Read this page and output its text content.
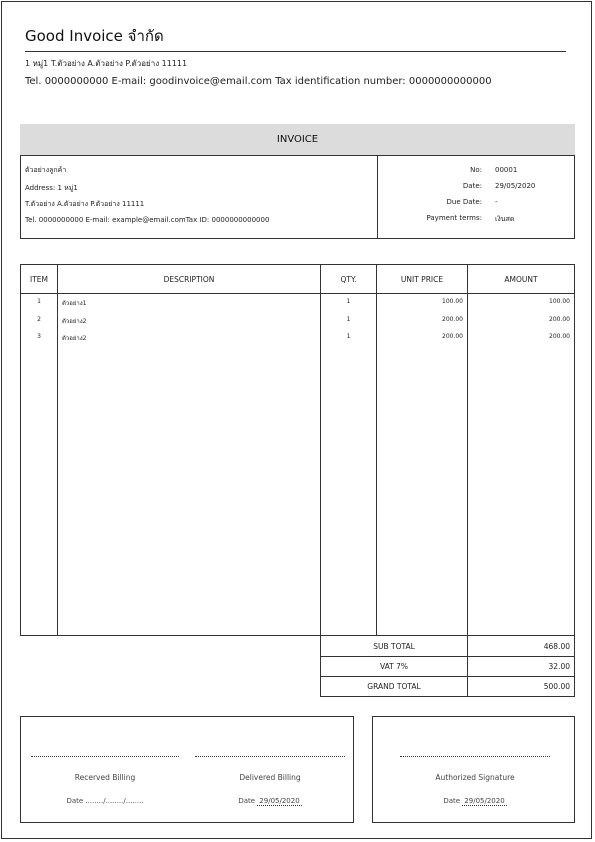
Good Invoice จำกัด
1 หมู่1 T.ตัวอย่าง A.ตัวอย่าง P.ตัวอย่าง 11111
Tel. 0000000000 E-mail: goodinvoice@email.com Tax identification number: 0000000000000
INVOICE
ตัวอย่างลูกค้า
Address: 1 หมู่1
T.ตัวอย่าง A.ตัวอย่าง P.ตัวอย่าง 11111
Tel. 0000000000 E-mail: example@email.comTax ID: 0000000000000
No: 00001
Date: 29/05/2020
Due Date: -
Payment terms: เงินสด
ITEM	DESCRIPTION	QTY.	UNIT PRICE	AMOUNT
1	ตัวอย่าง1	1	100.00	100.00
2	ตัวอย่าง2	1	200.00	200.00
3	ตัวอย่าง2	1	200.00	200.00
SUB TOTAL	468.00
VAT 7%	32.00
GRAND TOTAL	500.00
Recerved Billing
Date ......../......../........
Delivered Billing
Date 29/05/2020
Authorized Signature
Date 29/05/2020
